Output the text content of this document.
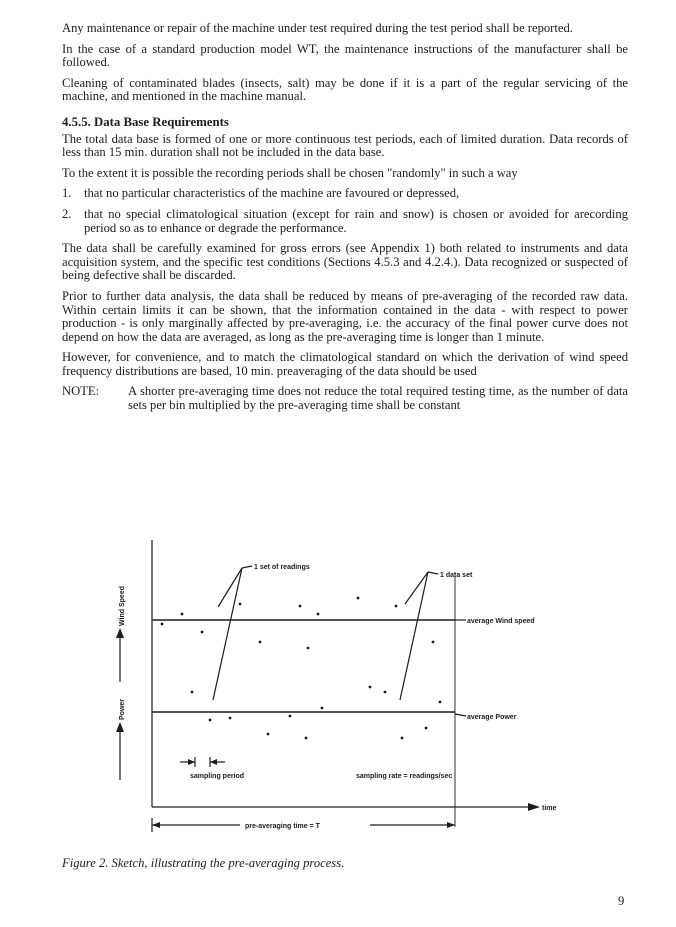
Any maintenance or repair of the machine under test required during the test period shall be reported.

In the case of a standard production model WT, the maintenance instructions of the manufacturer shall be followed.

Cleaning of contaminated blades (insects, salt) may be done if it is a part of the regular servicing of the machine, and mentioned in the machine manual.

4.5.5. Data Base Requirements

The total data base is formed of one or more continuous test periods, each of limited duration. Data records of less than 15 min. duration shall not be included in the data base.

To the extent it is possible the recording periods shall be chosen "randomly" in such a way

1. that no particular characteristics of the machine are favoured or depressed,
2. that no special climatological situation (except for rain and snow) is chosen or avoided for arecording period so as to enhance or degrade the performance.

The data shall be carefully examined for gross errors (see Appendix 1) both related to instruments and data acquisition system, and the specific test conditions (Sections 4.5.3 and 4.2.4.). Data recognized or suspected of being defective shall be discarded.

Prior to further data analysis, the data shall be reduced by means of pre-averaging of the recorded raw data. Within certain limits it can be shown, that the information contained in the data - with respect to power production - is only marginally affected by pre-averaging, i.e. the accuracy of the final power curve does not depend on how the data are averaged, as long as the pre-averaging time is longer than 1 minute.

However, for convenience, and to match the climatological standard on which the derivation of wind speed frequency distributions are based, 10 min. preaveraging of the data should be used

NOTE:	A shorter pre-averaging time does not reduce the total required testing time, as the number of data sets per bin multiplied by the pre-averaging time shall be constant
1 set of readings
1 data set
average Wind speed
average Power
sampling period	sampling rate = readings/sec
time
pre-averaging time = T
Wind Speed
Power
Figure 2. Sketch, illustrating the pre-averaging process.
9
